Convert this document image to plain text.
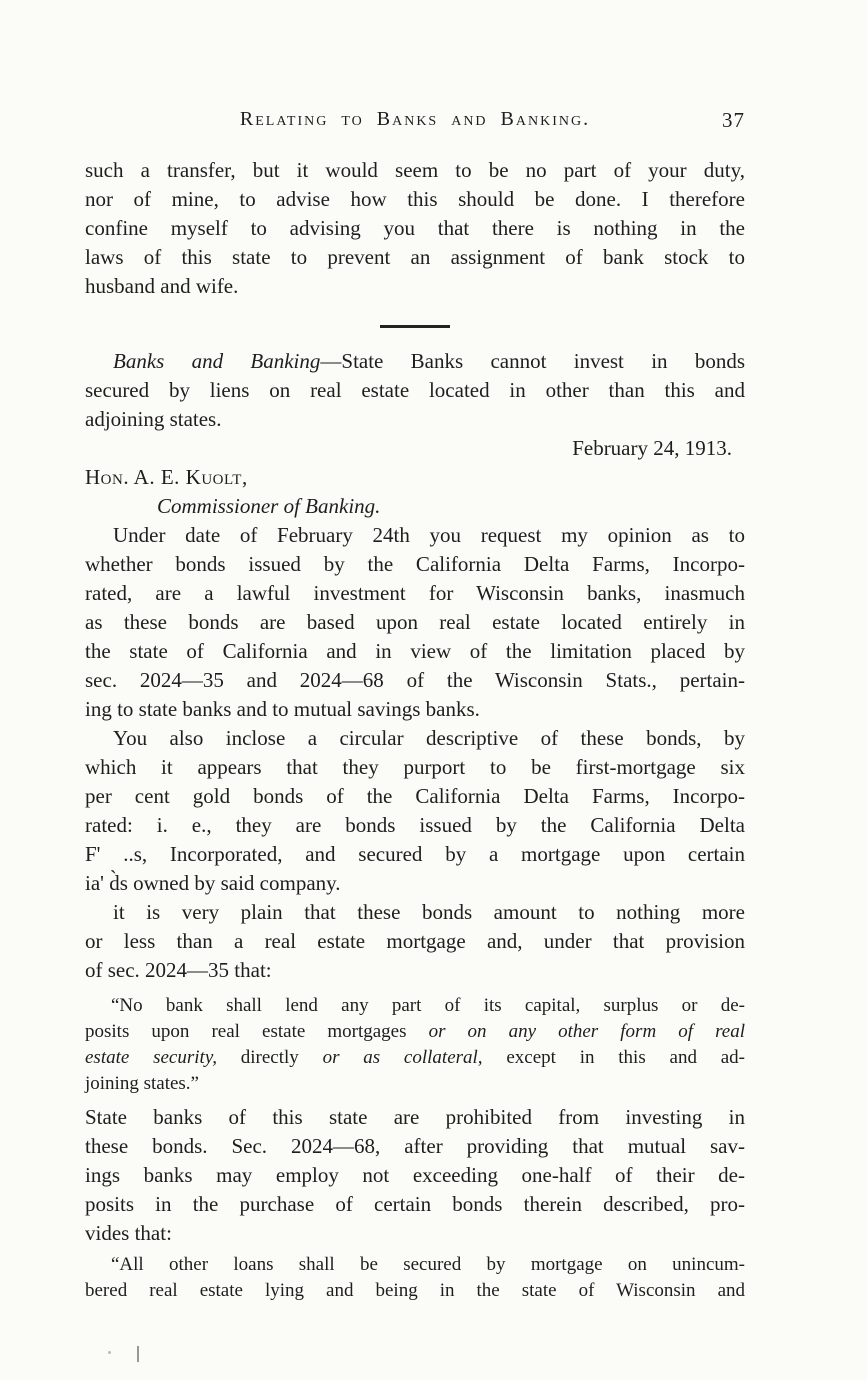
Relating to Banks and Banking.	37
such a transfer, but it would seem to be no part of your duty,
nor of mine, to advise how this should be done. I therefore
confine myself to advising you that there is nothing in the
laws of this state to prevent an assignment of bank stock to
husband and wife.
Banks and Banking—State Banks cannot invest in bonds
secured by liens on real estate located in other than this and
adjoining states.
February 24, 1913.
Hon. A. E. Kuolt,
Commissioner of Banking.
Under date of February 24th you request my opinion as to
whether bonds issued by the California Delta Farms, Incorpo-
rated, are a lawful investment for Wisconsin banks, inasmuch
as these bonds are based upon real estate located entirely in
the state of California and in view of the limitation placed by
sec. 2024—35 and 2024—68 of the Wisconsin Stats., pertain-
ing to state banks and to mutual savings banks.
You also inclose a circular descriptive of these bonds, by
which it appears that they purport to be first-mortgage six
per cent gold bonds of the California Delta Farms, Incorpo-
rated: i. e., they are bonds issued by the California Delta
F' ..s, Incorporated, and secured by a mortgage upon certain
ia' d̀s owned by said company.
it is very plain that these bonds amount to nothing more
or less than a real estate mortgage and, under that provision
of sec. 2024—35 that:
“No bank shall lend any part of its capital, surplus or de-
posits upon real estate mortgages or on any other form of real
estate security, directly or as collateral, except in this and ad-
joining states.”
State banks of this state are prohibited from investing in
these bonds. Sec. 2024—68, after providing that mutual sav-
ings banks may employ not exceeding one-half of their de-
posits in the purchase of certain bonds therein described, pro-
vides that:
“All other loans shall be secured by mortgage on unincum-
bered real estate lying and being in the state of Wisconsin and
